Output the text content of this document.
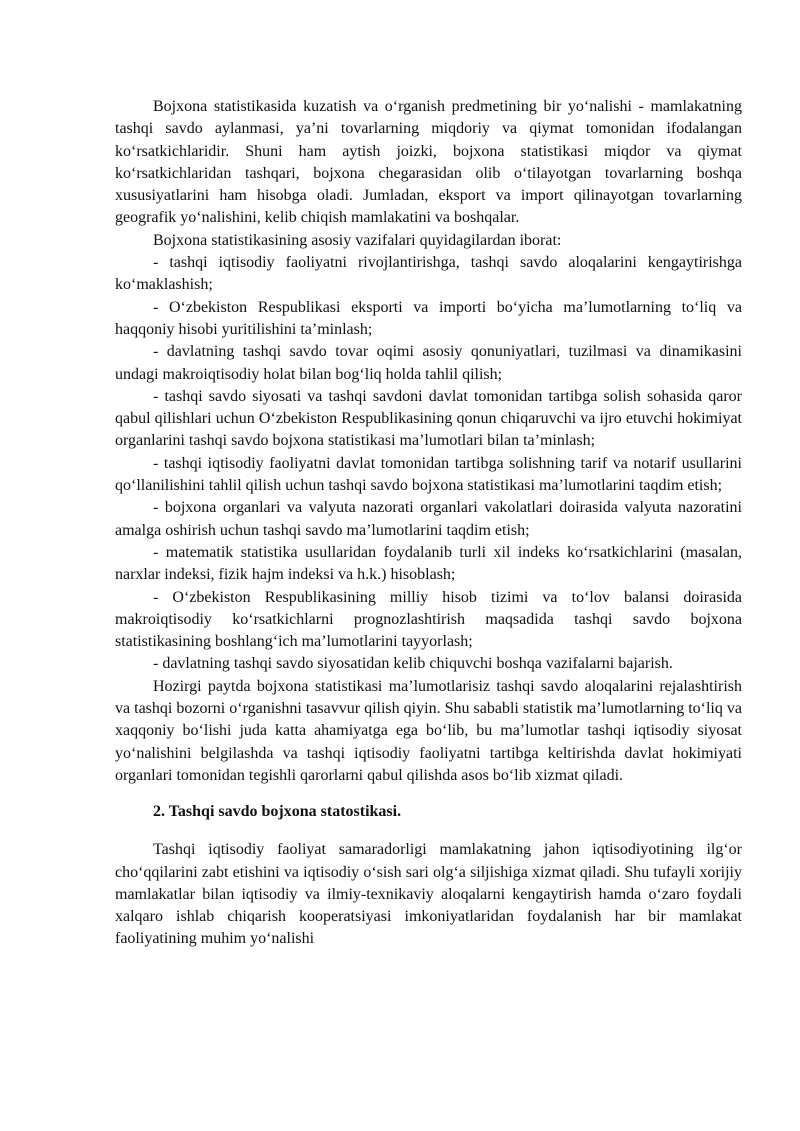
Bojxona statistikasida kuzatish va o‘rganish predmetining bir yo‘nalishi - mamlakatning tashqi savdo aylanmasi, ya’ni tovarlarning miqdoriy va qiymat tomonidan ifodalangan ko‘rsatkichlaridir. Shuni ham aytish joizki, bojxona statistikasi miqdor va qiymat ko‘rsatkichlaridan tashqari, bojxona chegarasidan olib o‘tilayotgan tovarlarning boshqa xususiyatlarini ham hisobga oladi. Jumladan, eksport va import qilinayotgan tovarlarning geografik yo‘nalishini, kelib chiqish mamlakatini va boshqalar.

Bojxona statistikasining asosiy vazifalari quyidagilardan iborat:

- tashqi iqtisodiy faoliyatni rivojlantirishga, tashqi savdo aloqalarini kengaytirishga ko‘maklashish;

- O‘zbekiston Respublikasi eksporti va importi bo‘yicha ma’lumotlarning to‘liq va haqqoniy hisobi yuritilishini ta’minlash;

- davlatning tashqi savdo tovar oqimi asosiy qonuniyatlari, tuzilmasi va dinamikasini undagi makroiqtisodiy holat bilan bog‘liq holda tahlil qilish;

- tashqi savdo siyosati va tashqi savdoni davlat tomonidan tartibga solish sohasida qaror qabul qilishlari uchun O‘zbekiston Respublikasining qonun chiqaruvchi va ijro etuvchi hokimiyat organlarini tashqi savdo bojxona statistikasi ma’lumotlari bilan ta’minlash;

- tashqi iqtisodiy faoliyatni davlat tomonidan tartibga solishning tarif va notarif usullarini qo‘llanilishini tahlil qilish uchun tashqi savdo bojxona statistikasi ma’lumotlarini taqdim etish;

- bojxona organlari va valyuta nazorati organlari vakolatlari doirasida valyuta nazoratini amalga oshirish uchun tashqi savdo ma’lumotlarini taqdim etish;

- matematik statistika usullaridan foydalanib turli xil indeks ko‘rsatkichlarini (masalan, narxlar indeksi, fizik hajm indeksi va h.k.) hisoblash;

- O‘zbekiston Respublikasining milliy hisob tizimi va to‘lov balansi doirasida makroiqtisodiy ko‘rsatkichlarni prognozlashtirish maqsadida tashqi savdo bojxona statistikasining boshlang‘ich ma’lumotlarini tayyorlash;

- davlatning tashqi savdo siyosatidan kelib chiquvchi boshqa vazifalarni bajarish.

Hozirgi paytda bojxona statistikasi ma’lumotlarisiz tashqi savdo aloqalarini rejalashtirish va tashqi bozorni o‘rganishni tasavvur qilish qiyin. Shu sababli statistik ma’lumotlarning to‘liq va xaqqoniy bo‘lishi juda katta ahamiyatga ega bo‘lib, bu ma’lumotlar tashqi iqtisodiy siyosat yo‘nalishini belgilashda va tashqi iqtisodiy faoliyatni tartibga keltirishda davlat hokimiyati organlari tomonidan tegishli qarorlarni qabul qilishda asos bo‘lib xizmat qiladi.

2. Tashqi savdo bojxona statostikasi.

Tashqi iqtisodiy faoliyat samaradorligi mamlakatning jahon iqtisodiyotining ilg‘or cho‘qqilarini zabt etishini va iqtisodiy o‘sish sari olg‘a siljishiga xizmat qiladi. Shu tufayli xorijiy mamlakatlar bilan iqtisodiy va ilmiy-texnikaviy aloqalarni kengaytirish hamda o‘zaro foydali xalqaro ishlab chiqarish kooperatsiyasi imkoniyatlaridan foydalanish har bir mamlakat faoliyatining muhim yo‘nalishi
